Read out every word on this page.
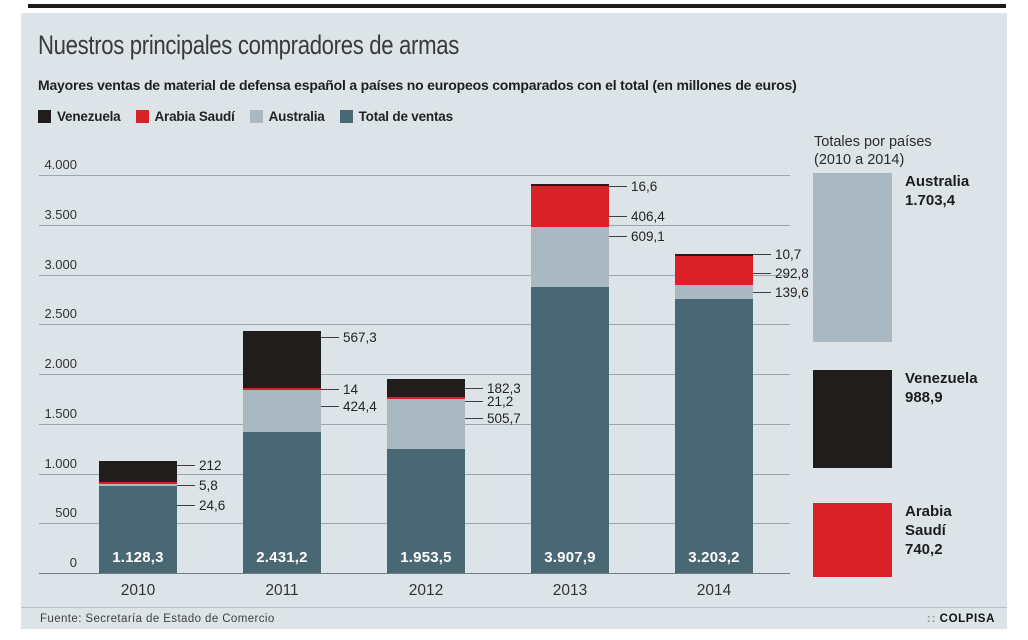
Nuestros principales compradores de armas
Mayores ventas de material de defensa español a países no europeos comparados con el total (en millones de euros)
Venezuela	Arabia Saudí	Australia	Total de ventas
4.000
3.500
3.000
2.500
2.000
1.500
1.000
500
0	1.128,3
2010
212
5,8
24,6
2.431,2
2011
567,3
14
424,4
1.953,5
2012
182,3
21,2
505,7
3.907,9
2013
16,6
406,4
609,1
3.203,2
2014
10,7
292,8
139,6
Australia
1.703,4
Venezuela
988,9
Arabia
Saudí
740,2
Totales por países
(2010 a 2014)
Fuente: Secretaría de Estado de Comercio	:: COLPISA
